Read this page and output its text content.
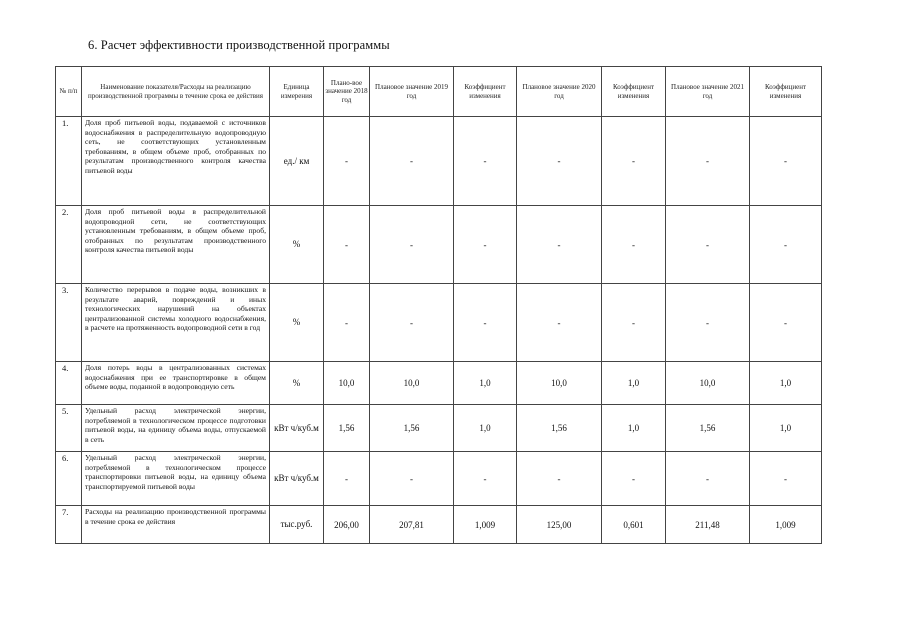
6. Расчет эффективности производственной программы
№ п/п	Наименование показателя/Расходы на реализацию производственной программы в течение срока ее действия	Единица измерения	Плано-вое значение 2018 год	Плановое значение 2019 год	Коэффициент изменения	Плановое значение 2020 год	Коэффициент изменения	Плановое значение 2021 год	Коэффициент изменения
1.	Доля проб питьевой воды, подаваемой с источников водоснабжения в распределительную водопроводную сеть, не соответствующих установленным требованиям, в общем объеме проб, отобранных по результатам производственного контроля качества питьевой воды	ед./ км	-	-	-	-	-	-	-
2.	Доля проб питьевой воды в распределительной водопроводной сети, не соответствующих установленным требованиям, в общем объеме проб, отобранных по результатам производственного контроля качества питьевой воды	%	-	-	-	-	-	-	-
3.	Количество перерывов в подаче воды, возникших в результате аварий, повреждений и иных технологических нарушений на объектах централизованной системы холодного водоснабжения, в расчете на протяженность водопроводной сети в год	%	-	-	-	-	-	-	-
4.	Доля потерь воды в централизованных системах водоснабжения при ее транспортировке в общем объеме воды, поданной в водопроводную сеть	%	10,0	10,0	1,0	10,0	1,0	10,0	1,0
5.	Удельный расход электрической энергии, потребляемой в технологическом процессе подготовки питьевой воды, на единицу объема воды, отпускаемой в сеть	кВт ч/куб.м	1,56	1,56	1,0	1,56	1,0	1,56	1,0
6.	Удельный расход электрической энергии, потребляемой в технологическом процессе транспортировки питьевой воды, на единицу объема транспортируемой питьевой воды	кВт ч/куб.м	-	-	-	-	-	-	-
7.	Расходы на реализацию производственной программы в течение срока ее действия	тыс.руб.	206,00	207,81	1,009	125,00	0,601	211,48	1,009
